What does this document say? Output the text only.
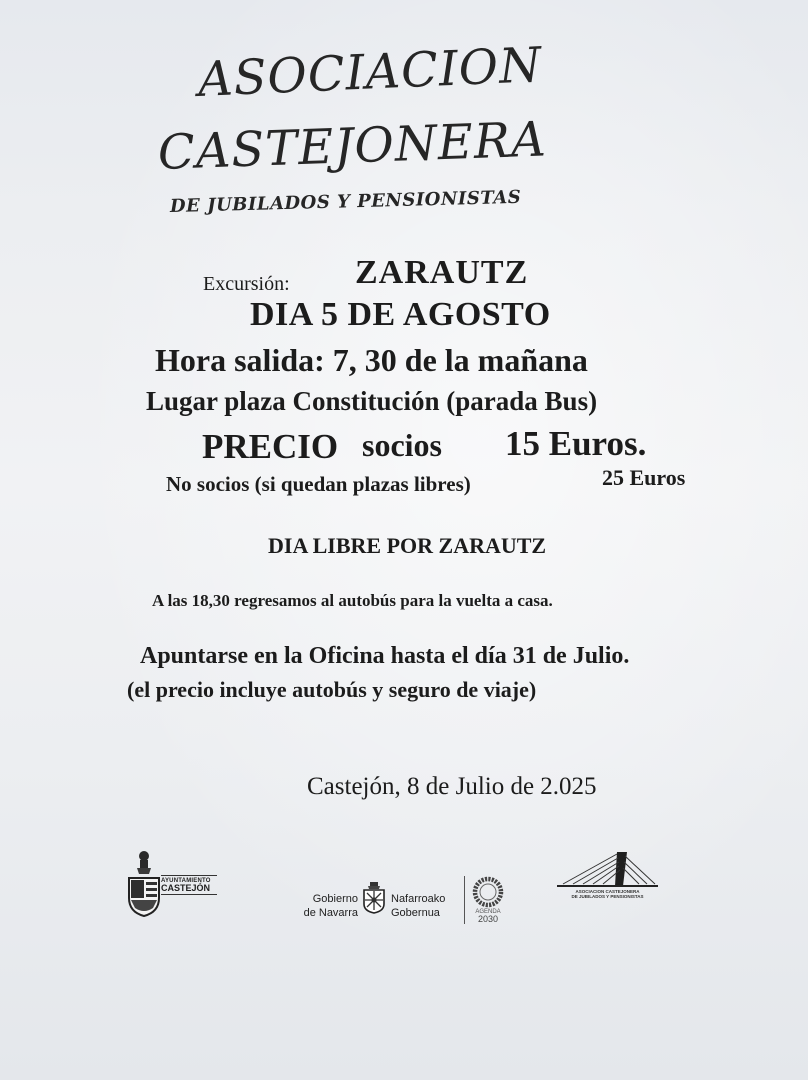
ASOCIACION
CASTEJONERA
DE JUBILADOS Y PENSIONISTAS
Excursión: ZARAUTZ
DIA 5 DE AGOSTO
Hora salida: 7, 30 de la mañana
Lugar plaza Constitución (parada Bus)
PRECIO socios 15 Euros.
No socios (si quedan plazas libres)	25 Euros
DIA LIBRE POR ZARAUTZ
A las 18,30 regresamos al autobús para la vuelta a casa.
Apuntarse en la Oficina hasta el día 31 de Julio.
(el precio incluye autobús y seguro de viaje)
Castejón, 8 de Julio de 2.025
AYUNTAMIENTO
CASTEJÓN
Gobierno
de Navarra
Nafarroako
Gobernua	AGENDA
2030
ASOCIACION CASTEJONERA
DE JUBILADOS Y PENSIONISTAS
